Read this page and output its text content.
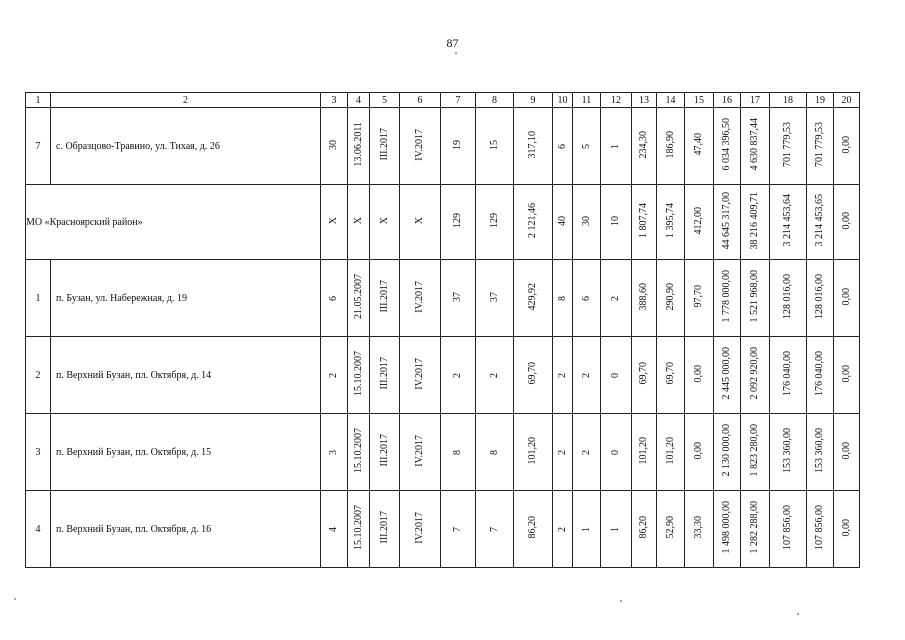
87
1	2	3	4	5	6	7	8	9	10	11	12	13	14	15	16	17	18	19	20
7	с. Образцово-Травино, ул. Тихая, д. 26	30	13.06.2011	III.2017	IV.2017	19	15	317,10	6	5	1	234,30	186,90	47,40	6 034 396,50	4 630 837,44	701 779,53	701 779,53	0,00
МО «Красноярский район»		X	X	X	X	129	129	2 121,46	40	30	10	1 807,74	1 395,74	412,00	44 645 317,00	38 216 409,71	3 214 453,64	3 214 453,65	0,00
1	п. Бузан, ул. Набережная, д. 19	6	21.05.2007	III.2017	IV.2017	37	37	429,92	8	6	2	388,60	290,90	97,70	1 778 000,00	1 521 968,00	128 016,00	128 016,00	0,00
2	п. Верхний Бузан, пл. Октября, д. 14	2	15.10.2007	III.2017	IV.2017	2	2	69,70	2	2	0	69,70	69,70	0,00	2 445 000,00	2 092 920,00	176 040,00	176 040,00	0,00
3	п. Верхний Бузан, пл. Октября, д. 15	3	15.10.2007	III.2017	IV.2017	8	8	101,20	2	2	0	101,20	101,20	0,00	2 130 000,00	1 823 280,00	153 360,00	153 360,00	0,00
4	п. Верхний Бузан, пл. Октября, д. 16	4	15.10.2007	III.2017	IV.2017	7	7	86,20	2	1	1	86,20	52,90	33,30	1 498 000,00	1 282 288,00	107 856,00	107 856,00	0,00
